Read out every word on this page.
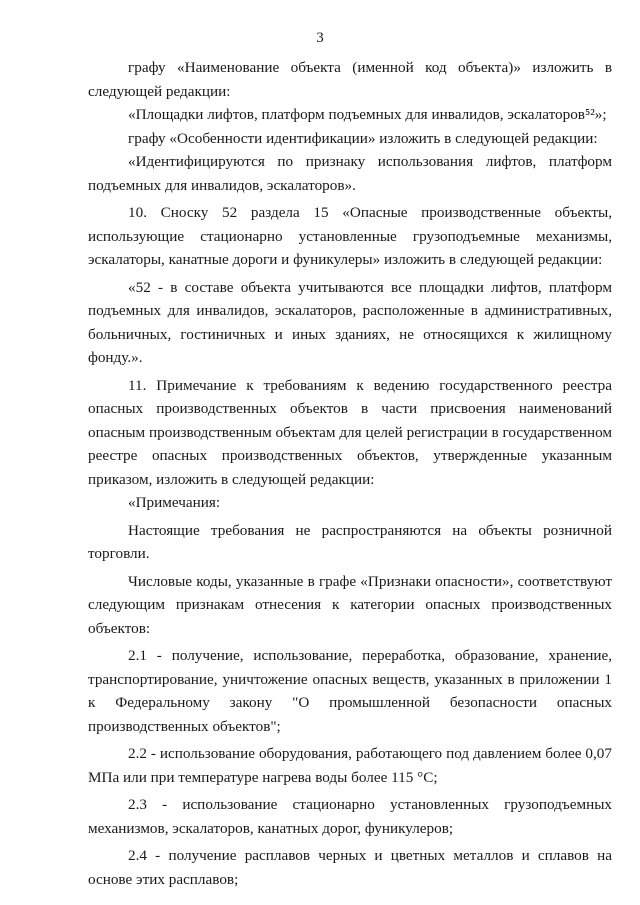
3

графу «Наименование объекта (именной код объекта)» изложить в следующей редакции:

«Площадки лифтов, платформ подъемных для инвалидов, эскалаторов⁵²»;

графу «Особенности идентификации» изложить в следующей редакции:

«Идентифицируются по признаку использования лифтов, платформ подъемных для инвалидов, эскалаторов».

10. Сноску 52 раздела 15 «Опасные производственные объекты, использующие стационарно установленные грузоподъемные механизмы, эскалаторы, канатные дороги и фуникулеры» изложить в следующей редакции:

«52 - в составе объекта учитываются все площадки лифтов, платформ подъемных для инвалидов, эскалаторов, расположенные в административных, больничных, гостиничных и иных зданиях, не относящихся к жилищному фонду.».

11. Примечание к требованиям к ведению государственного реестра опасных производственных объектов в части присвоения наименований опасным производственным объектам для целей регистрации в государственном реестре опасных производственных объектов, утвержденные указанным приказом, изложить в следующей редакции:

«Примечания:

Настоящие требования не распространяются на объекты розничной торговли.

Числовые коды, указанные в графе «Признаки опасности», соответствуют следующим признакам отнесения к категории опасных производственных объектов:

2.1 - получение, использование, переработка, образование, хранение, транспортирование, уничтожение опасных веществ, указанных в приложении 1 к Федеральному закону "О промышленной безопасности опасных производственных объектов";

2.2 - использование оборудования, работающего под давлением более 0,07 МПа или при температуре нагрева воды более 115 °С;

2.3 - использование стационарно установленных грузоподъемных механизмов, эскалаторов, канатных дорог, фуникулеров;

2.4 - получение расплавов черных и цветных металлов и сплавов на основе этих расплавов;
